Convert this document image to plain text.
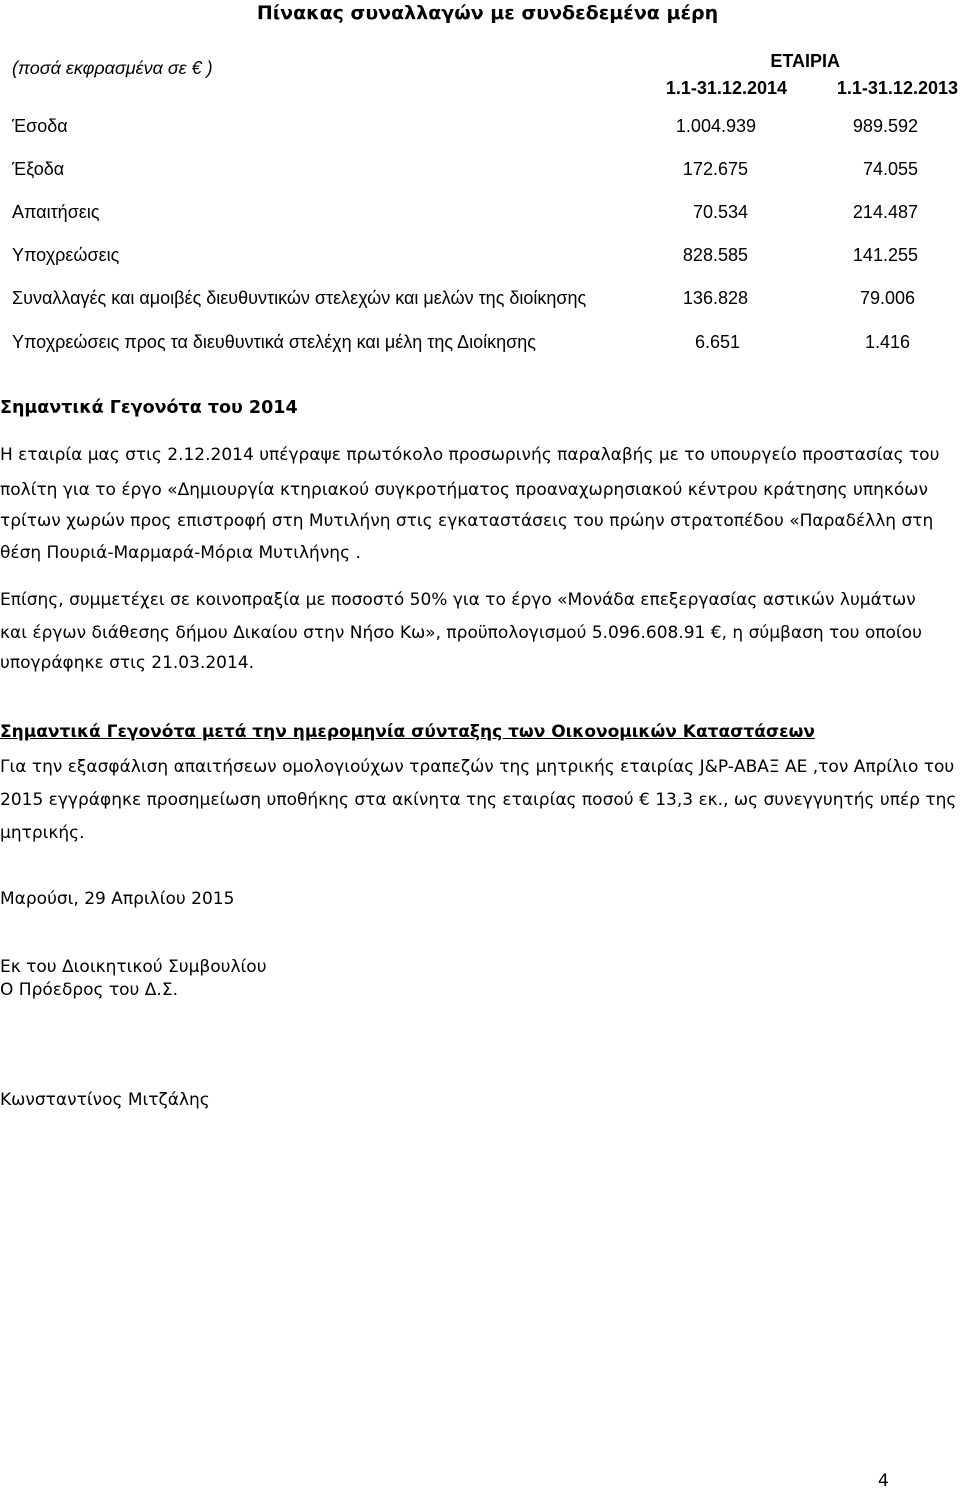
Πίνακας συναλλαγών με συνδεδεμένα μέρη
(ποσά εκφρασμένα σε € )	ΕΤΑΙΡΙΑ
1.1-31.12.2014	1.1-31.12.2013
Έσοδα	1.004.939	989.592
Έξοδα	172.675	74.055
Απαιτήσεις	70.534	214.487
Υποχρεώσεις	828.585	141.255
Συναλλαγές και αμοιβές διευθυντικών στελεχών και μελών της διοίκησης	136.828	79.006
Υποχρεώσεις προς τα διευθυντικά στελέχη και μέλη της Διοίκησης	6.651	1.416
Σημαντικά Γεγονότα του 2014
Η εταιρία μας στις 2.12.2014 υπέγραψε πρωτόκολο προσωρινής παραλαβής με το υπουργείο προστασίας του
πολίτη για το έργο «Δημιουργία κτηριακού συγκροτήματος προαναχωρησιακού κέντρου κράτησης υπηκόων
τρίτων χωρών προς επιστροφή στη Μυτιλήνη στις εγκαταστάσεις του πρώην στρατοπέδου «Παραδέλλη στη
θέση Πουριά-Μαρμαρά-Μόρια Μυτιλήνης .
Επίσης, συμμετέχει σε κοινοπραξία με ποσοστό 50% για το έργο «Μονάδα επεξεργασίας αστικών λυμάτων
και έργων διάθεσης δήμου Δικαίου στην Νήσο Κω», προϋπολογισμού 5.096.608.91 €, η σύμβαση του οποίου
υπογράφηκε στις 21.03.2014.
Σημαντικά Γεγονότα μετά την ημερομηνία σύνταξης των Οικονομικών Καταστάσεων
Για την εξασφάλιση απαιτήσεων ομολογιούχων τραπεζών της μητρικής εταιρίας J&P-ΑΒΑΞ ΑΕ ,τον Απρίλιο του
2015 εγγράφηκε προσημείωση υποθήκης στα ακίνητα της εταιρίας ποσού € 13,3 εκ., ως συνεγγυητής υπέρ της
μητρικής.
Μαρούσι, 29 Απριλίου 2015
Εκ του Διοικητικού Συμβουλίου
Ο Πρόεδρος του Δ.Σ.
Κωνσταντίνος Μιτζάλης
4
